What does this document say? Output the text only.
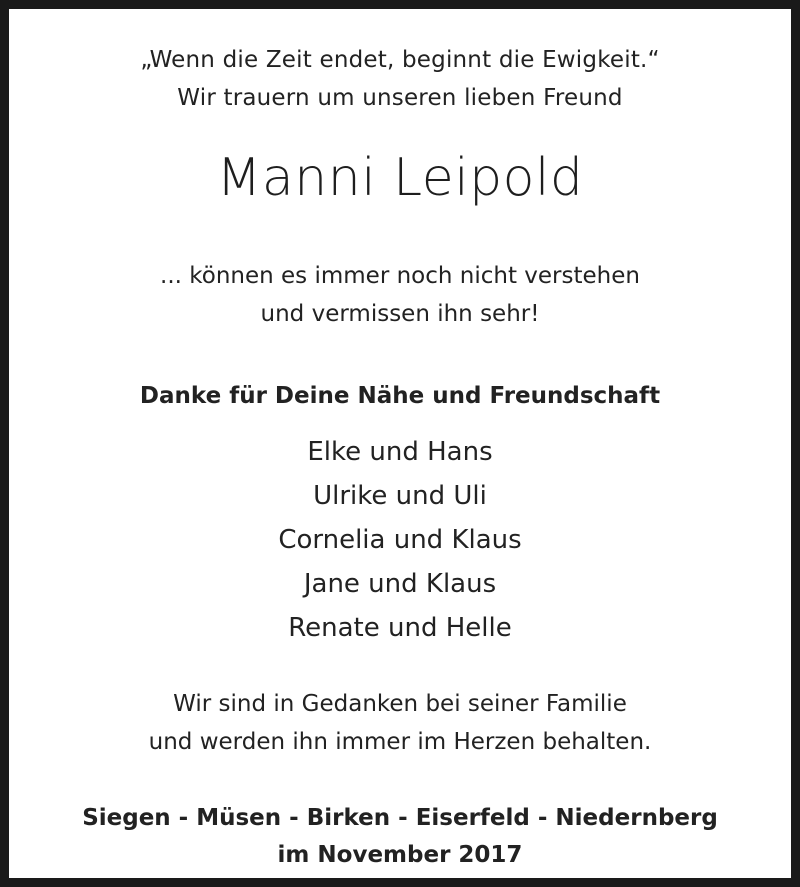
„Wenn die Zeit endet, beginnt die Ewigkeit.“
Wir trauern um unseren lieben Freund
Manni Leipold
... können es immer noch nicht verstehen
und vermissen ihn sehr!
Danke für Deine Nähe und Freundschaft
Elke und Hans
Ulrike und Uli
Cornelia und Klaus
Jane und Klaus
Renate und Helle
Wir sind in Gedanken bei seiner Familie
und werden ihn immer im Herzen behalten.
Siegen - Müsen - Birken - Eiserfeld - Niedernberg
im November 2017
